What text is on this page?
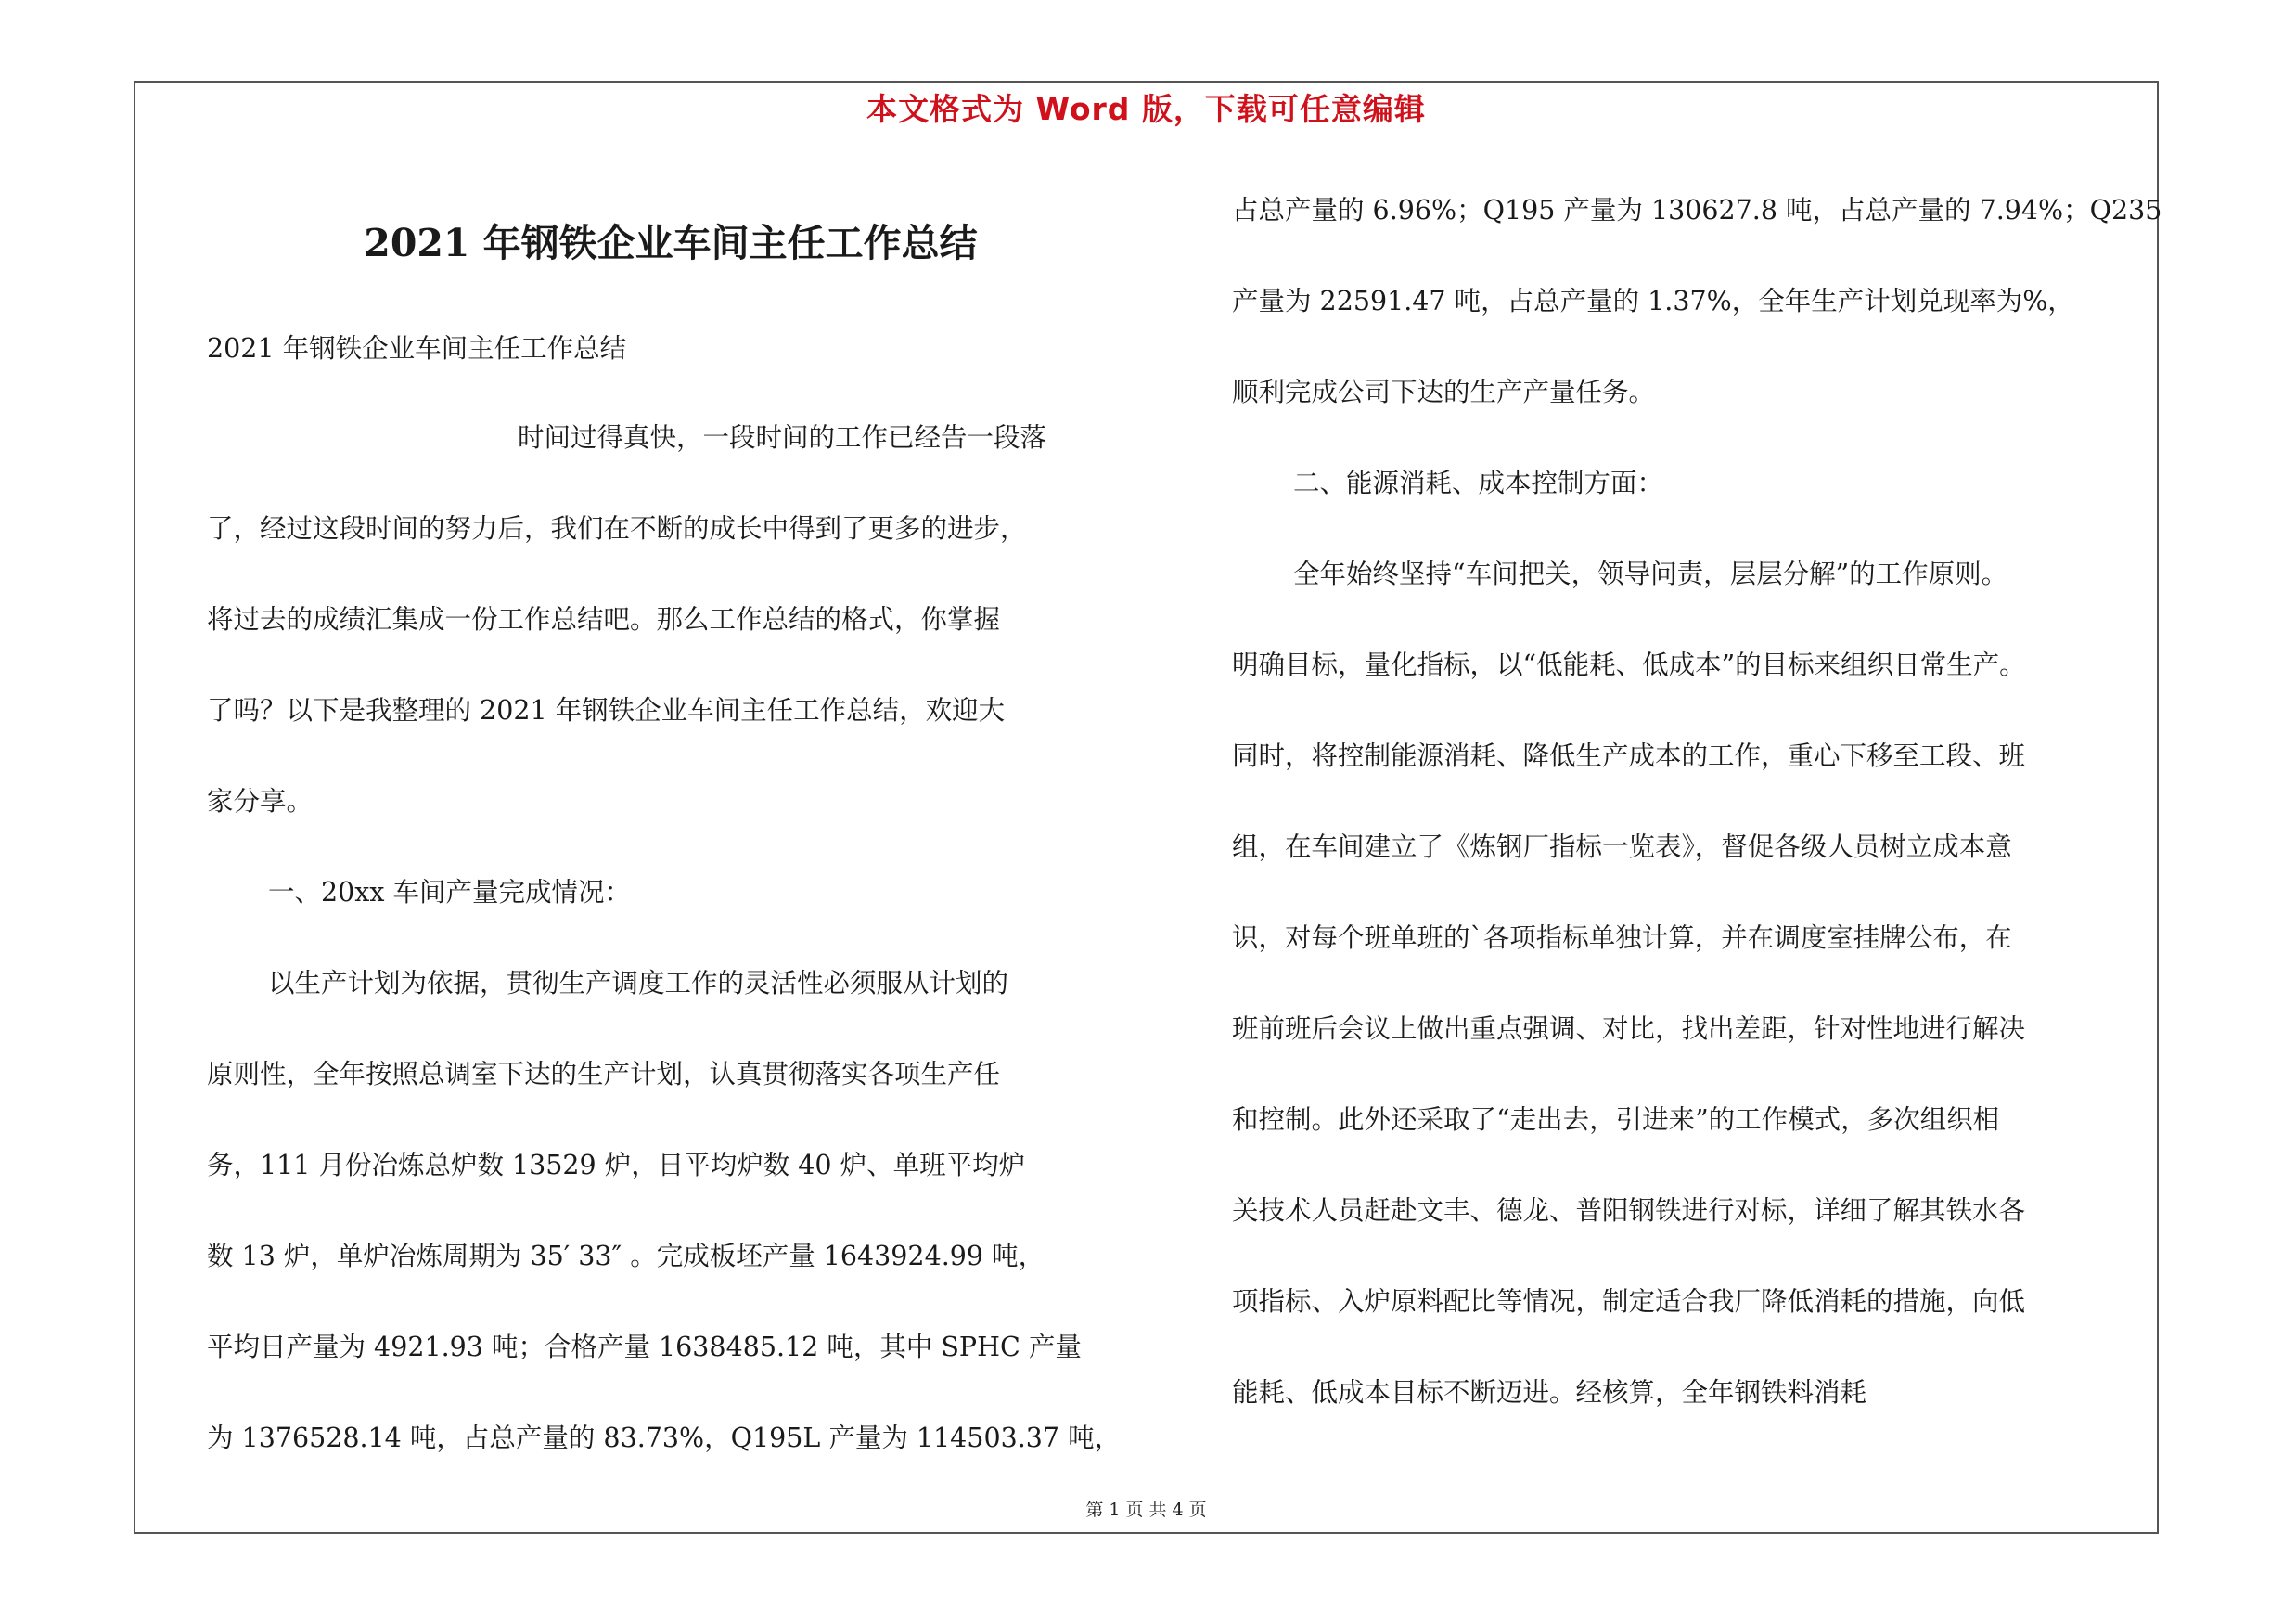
本文格式为 Word 版，下载可任意编辑
2021 年钢铁企业车间主任工作总结
2021 年钢铁企业车间主任工作总结
时间过得真快，一段时间的工作已经告一段落
了，经过这段时间的努力后，我们在不断的成长中得到了更多的进步，
将过去的成绩汇集成一份工作总结吧。那么工作总结的格式，你掌握
了吗？以下是我整理的 2021 年钢铁企业车间主任工作总结，欢迎大
家分享。
一、20xx 车间产量完成情况：
以生产计划为依据，贯彻生产调度工作的灵活性必须服从计划的
原则性，全年按照总调室下达的生产计划，认真贯彻落实各项生产任
务，111 月份冶炼总炉数 13529 炉，日平均炉数 40 炉、单班平均炉
数 13 炉，单炉冶炼周期为 35′ 33″ 。完成板坯产量 1643924.99 吨，
平均日产量为 4921.93 吨；合格产量 1638485.12 吨，其中 SPHC 产量
为 1376528.14 吨，占总产量的 83.73%，Q195L 产量为 114503.37 吨，
占总产量的 6.96%；Q195 产量为 130627.8 吨，占总产量的 7.94%；Q235
产量为 22591.47 吨，占总产量的 1.37%，全年生产计划兑现率为%，
顺利完成公司下达的生产产量任务。
二、能源消耗、成本控制方面：
全年始终坚持“车间把关，领导问责，层层分解”的工作原则。
明确目标，量化指标，以“低能耗、低成本”的目标来组织日常生产。
同时，将控制能源消耗、降低生产成本的工作，重心下移至工段、班
组，在车间建立了《炼钢厂指标一览表》，督促各级人员树立成本意
识，对每个班单班的`各项指标单独计算，并在调度室挂牌公布，在
班前班后会议上做出重点强调、对比，找出差距，针对性地进行解决
和控制。此外还采取了“走出去，引进来”的工作模式，多次组织相
关技术人员赶赴文丰、德龙、普阳钢铁进行对标，详细了解其铁水各
项指标、入炉原料配比等情况，制定适合我厂降低消耗的措施，向低
能耗、低成本目标不断迈进。经核算，全年钢铁料消耗
第 1 页 共 4 页
